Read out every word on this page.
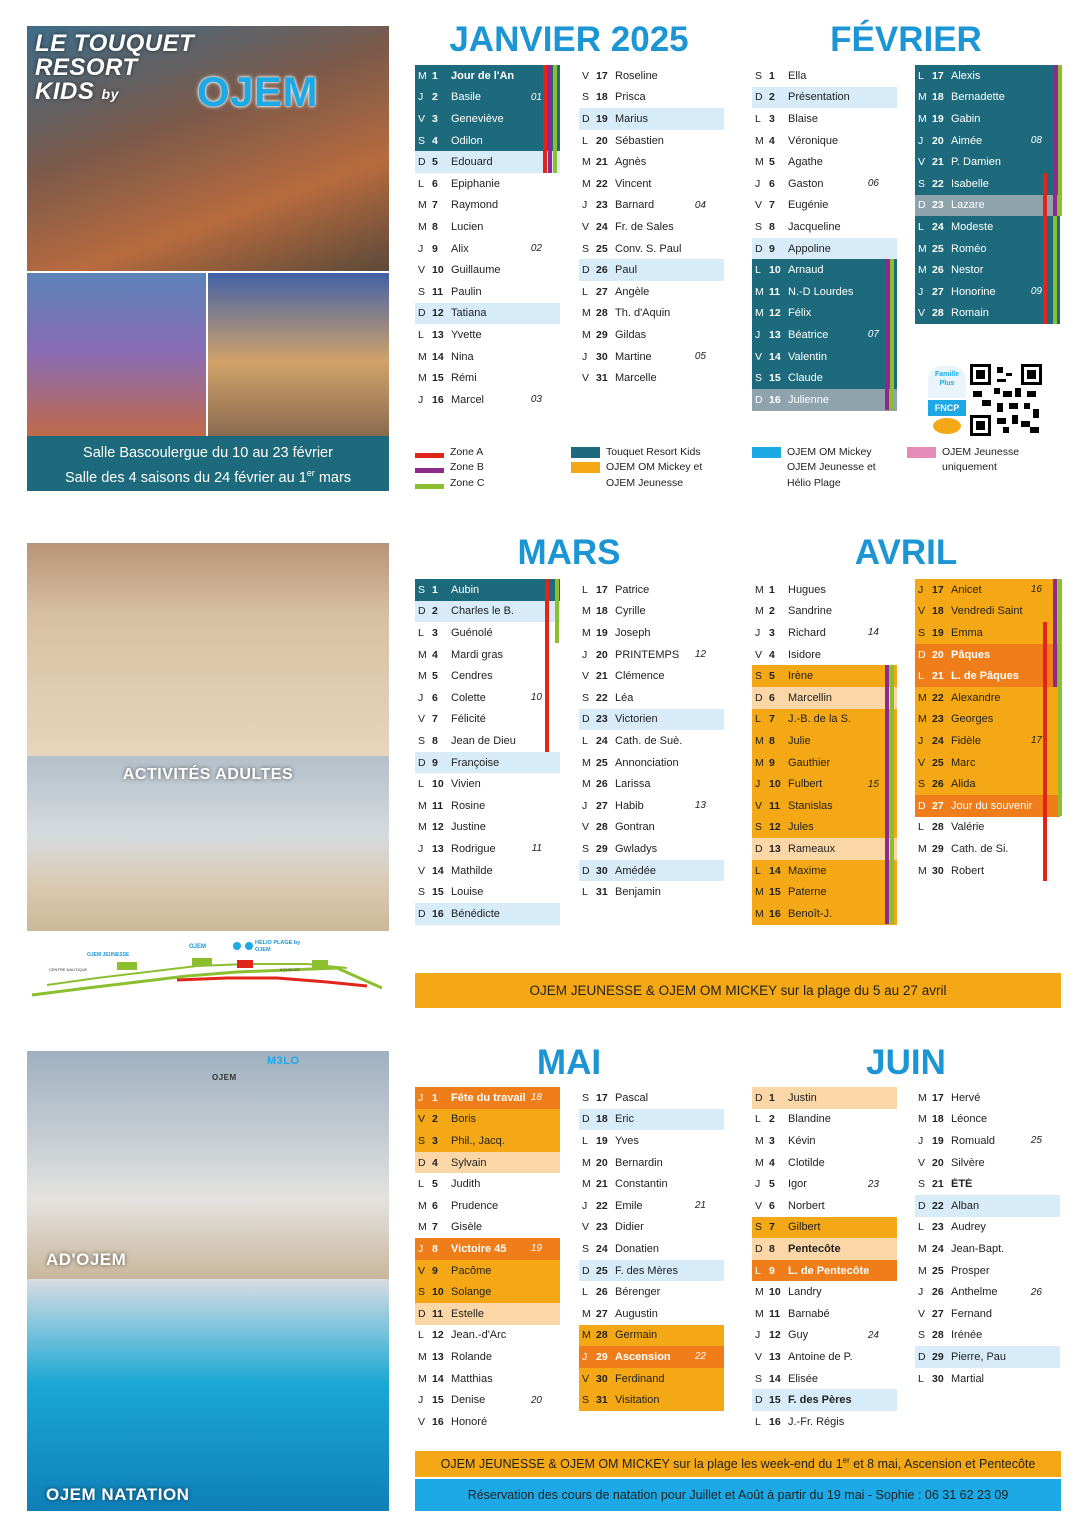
LE TOUQUET
RESORT
KIDS by	OJEM
Salle Bascoulergue du 10 au 23 février
Salle des 4 saisons du 24 février au 1er mars
ACTIVITÉS ADULTES
OJEM JEUNESSE
OJEM
HÉLIO PLAGE by OJEM
CENTRE NAUTIQUE	AQUALUD
OJEM
M3LO
AD'OJEM
OJEM NATATION
JANVIER 2025	FÉVRIER
MARS	AVRIL
MAI	JUIN
M 1	Jour de l'An
J 2	Basile	01
V 3	Geneviève
S 4	Odilon
D 5	Edouard
L 6	Epiphanie
M 7	Raymond
M 8	Lucien
J 9	Alix	02
V 10 Guillaume
S 11 Paulin
D 12 Tatiana
L 13 Yvette
M 14 Nina
M 15 Rémi
J 16 Marcel	03
V 17 Roseline
S 18 Prisca
D 19 Marius
L 20 Sébastien
M 21 Agnès
M 22 Vincent
J 23 Barnard	04
V 24 Fr. de Sales
S 25 Conv. S. Paul
D 26 Paul
L 27 Angèle
M 28 Th. d'Aquin
M 29 Gildas
J 30 Martine	05
V 31 Marcelle
S 1	Ella
D 2	Présentation
L 3	Blaise
M 4	Véronique
M 5	Agathe
J 6	Gaston	06
V 7	Eugénie
S 8	Jacqueline
D 9	Appoline
L 10 Arnaud
M 11 N.-D Lourdes
M 12 Félix
J 13 Béatrice	07
V 14 Valentin
S 15 Claude
D 16 Julienne
L 17 Alexis
M 18 Bernadette
M 19 Gabin
J 20 Aimée	08
V 21 P. Damien
S 22 Isabelle
D 23 Lazare
L 24 Modeste
M 25 Roméo
M 26 Nestor
J 27 Honorine	09
V 28 Romain
S 1	Aubin
D 2	Charles le B.
L 3	Guénolé
M 4	Mardi gras
M 5	Cendres
J 6	Colette	10
V 7	Félicité
S 8	Jean de Dieu
D 9	Françoise
L 10 Vivien
M 11 Rosine
M 12 Justine
J 13 Rodrigue	11
V 14 Mathilde
S 15 Louise
D 16 Bénédicte
L 17 Patrice
M 18 Cyrille
M 19 Joseph
J 20 PRINTEMPS	12
V 21 Clémence
S 22 Léa
D 23 Victorien
L 24 Cath. de Suè.
M 25 Annonciation
M 26 Larissa
J 27 Habib	13
V 28 Gontran
S 29 Gwladys
D 30 Amédée
L 31 Benjamin
M 1	Hugues
M 2	Sandrine
J 3	Richard	14
V 4	Isidore
S 5	Irène
D 6	Marcellin
L 7	J.-B. de la S.
M 8	Julie
M 9	Gauthier
J 10 Fulbert	15
V 11 Stanislas
S 12 Jules
D 13 Rameaux
L 14 Maxime
M 15 Paterne
M 16 Benoît-J.
J 17 Anicet	16
V 18 Vendredi Saint
S 19 Emma
D 20 Pâques
L 21 L. de Pâques
M 22 Alexandre
M 23 Georges
J 24 Fidèle	17
V 25 Marc
S 26 Alida
D 27 Jour du souvenir
L 28 Valérie
M 29 Cath. de Si.
M 30 Robert
J 1	Fête du travail 18
V 2	Boris
S 3	Phil., Jacq.
D 4	Sylvain
L 5	Judith
M 6	Prudence
M 7	Gisèle
J 8	Victoire 45	19
V 9	Pacôme
S 10 Solange
D 11 Estelle
L 12 Jean.-d'Arc
M 13 Rolande
M 14 Matthias
J 15 Denise	20
V 16 Honoré
S 17 Pascal
D 18 Eric
L 19 Yves
M 20 Bernardin
M 21 Constantin
J 22 Emile	21
V 23 Didier
S 24 Donatien
D 25 F. des Mères
L 26 Bérenger
M 27 Augustin
M 28 Germain
J 29 Ascension	22
V 30 Ferdinand
S 31 Visitation
D 1	Justin
L 2	Blandine
M 3	Kévin
M 4	Clotilde
J 5	Igor	23
V 6	Norbert
S 7	Gilbert
D 8	Pentecôte
L 9	L. de Pentecôte
M 10 Landry
M 11 Barnabé
J 12 Guy	24
V 13 Antoine de P.
S 14 Elisée
D 15 F. des Pères
L 16 J.-Fr. Régis
M 17 Hervé
M 18 Léonce
J 19 Romuald	25
V 20 Silvère
S 21 ÉTÉ
D 22 Alban
L 23 Audrey
M 24 Jean-Bapt.
M 25 Prosper
J 26 Anthelme	26
V 27 Fernand
S 28 Irénée
D 29 Pierre, Pau
L 30 Martial
Zone A
Zone B
Zone C
Touquet Resort Kids
OJEM OM Mickey et
OJEM Jeunesse
OJEM OM Mickey
OJEM Jeunesse et
Hélio Plage
OJEM Jeunesse
uniquement
Famille Plus
FNCP
OJEM JEUNESSE & OJEM OM MICKEY sur la plage du 5 au 27 avril
OJEM JEUNESSE & OJEM OM MICKEY sur la plage les week-end du 1er et 8 mai, Ascension et Pentecôte
Réservation des cours de natation pour Juillet et Août à partir du 19 mai - Sophie : 06 31 62 23 09
